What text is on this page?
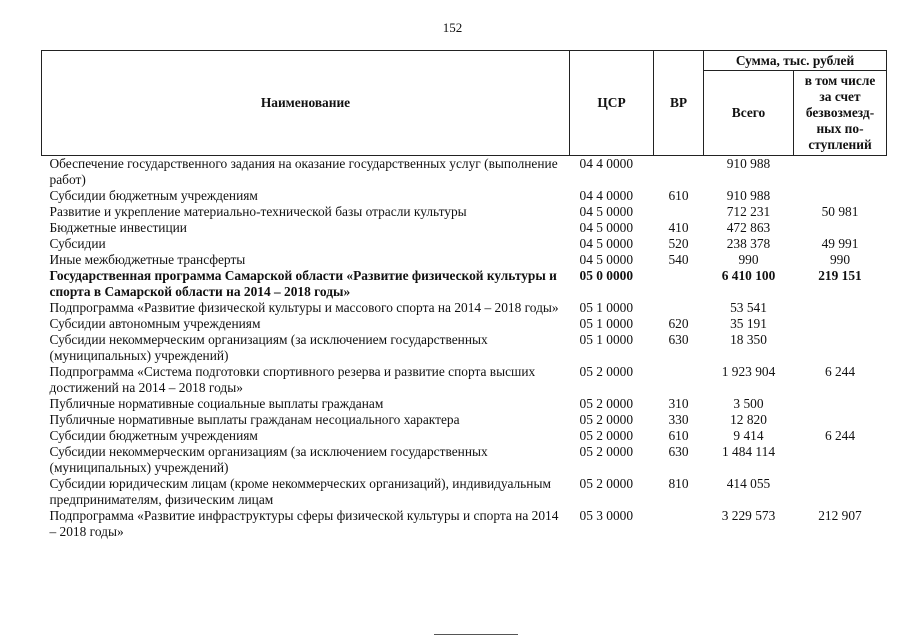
152
Наименование	ЦСР	ВР	Сумма, тыс. рублей	
			Всего	в том числе за счет безвозмезд-ных по-ступлений
Обеспечение государственного задания на оказание государственных услуг (выполнение работ)	04 4 0000		910 988	
Субсидии бюджетным учреждениям	04 4 0000	610	910 988	
Развитие и укрепление материально-технической базы отрасли культуры	04 5 0000		712 231	50 981
Бюджетные инвестиции	04 5 0000	410	472 863	
Субсидии	04 5 0000	520	238 378	49 991
Иные межбюджетные трансферты	04 5 0000	540	990	990
Государственная программа Самарской области «Развитие физической культуры и спорта в Самарской области на 2014 – 2018 годы»	05 0 0000		6 410 100	219 151
Подпрограмма «Развитие физической культуры и массового спорта на 2014 – 2018 годы»	05 1 0000		53 541	
Субсидии автономным учреждениям	05 1 0000	620	35 191	
Субсидии некоммерческим организациям (за исключением государственных (муниципальных) учреждений)	05 1 0000	630	18 350	
Подпрограмма «Система подготовки спортивного резерва и развитие спорта высших достижений на 2014 – 2018 годы»	05 2 0000		1 923 904	6 244
Публичные нормативные социальные выплаты гражданам	05 2 0000	310	3 500	
Публичные нормативные выплаты гражданам несоциального характера	05 2 0000	330	12 820	
Субсидии бюджетным учреждениям	05 2 0000	610	9 414	6 244
Субсидии некоммерческим организациям (за исключением государственных (муниципальных) учреждений)	05 2 0000	630	1 484 114	
Субсидии юридическим лицам (кроме некоммерческих организаций), индивидуальным предпринимателям, физическим лицам	05 2 0000	810	414 055	
Подпрограмма «Развитие инфраструктуры сферы физической культуры и спорта на 2014 – 2018 годы»	05 3 0000		3 229 573	212 907
